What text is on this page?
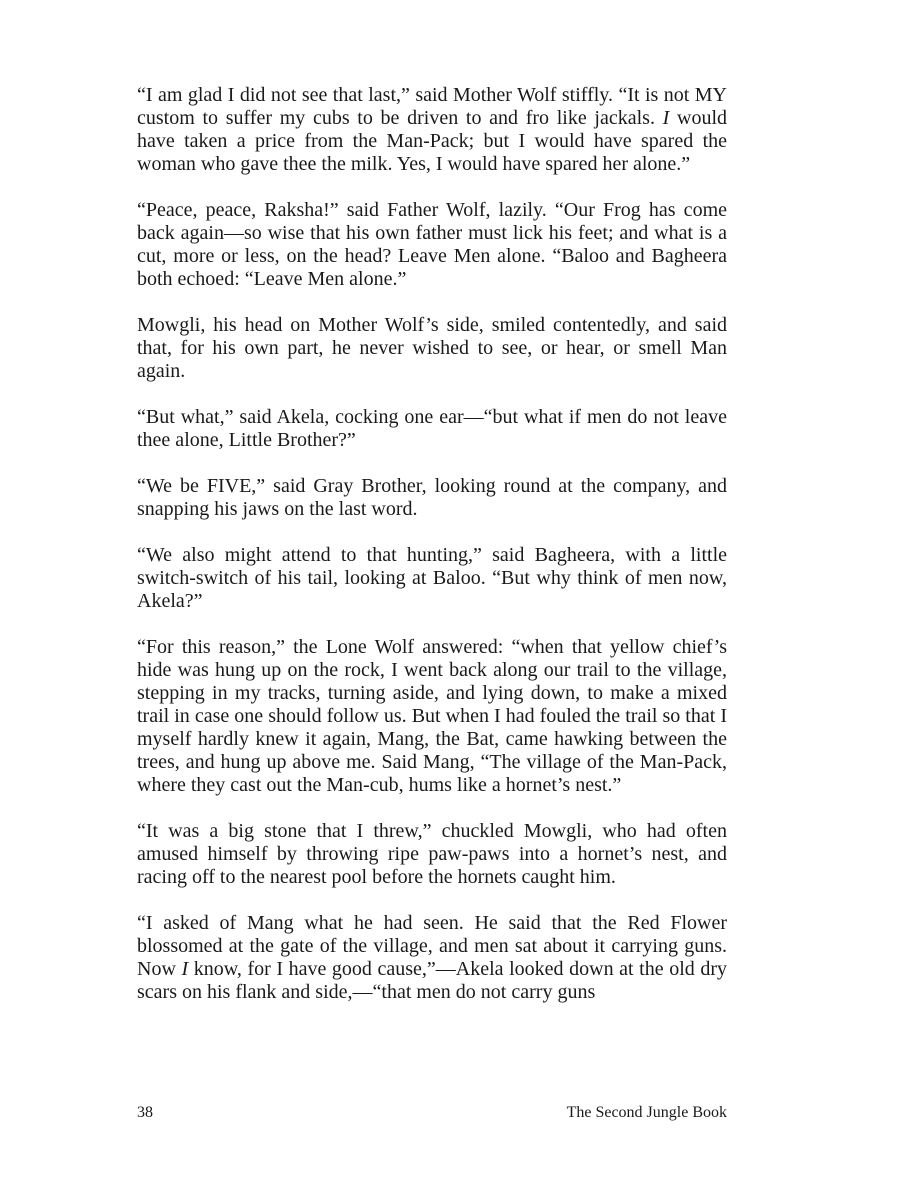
“I am glad I did not see that last,” said Mother Wolf stiffly. “It is not MY custom to suffer my cubs to be driven to and fro like jackals. I would have taken a price from the Man-Pack; but I would have spared the woman who gave thee the milk. Yes, I would have spared her alone.”

“Peace, peace, Raksha!” said Father Wolf, lazily. “Our Frog has come back again—so wise that his own father must lick his feet; and what is a cut, more or less, on the head? Leave Men alone. “Baloo and Bagheera both echoed: “Leave Men alone.”

Mowgli, his head on Mother Wolf’s side, smiled contentedly, and said that, for his own part, he never wished to see, or hear, or smell Man again.

“But what,” said Akela, cocking one ear—“but what if men do not leave thee alone, Little Brother?”

“We be FIVE,” said Gray Brother, looking round at the company, and snapping his jaws on the last word.

“We also might attend to that hunting,” said Bagheera, with a little switch-switch of his tail, looking at Baloo. “But why think of men now, Akela?”

“For this reason,” the Lone Wolf answered: “when that yellow chief’s hide was hung up on the rock, I went back along our trail to the village, stepping in my tracks, turning aside, and lying down, to make a mixed trail in case one should follow us. But when I had fouled the trail so that I myself hardly knew it again, Mang, the Bat, came hawking between the trees, and hung up above me. Said Mang, “The village of the Man-Pack, where they cast out the Man-cub, hums like a hornet’s nest.”

“It was a big stone that I threw,” chuckled Mowgli, who had often amused himself by throwing ripe paw-paws into a hornet’s nest, and racing off to the nearest pool before the hornets caught him.

“I asked of Mang what he had seen. He said that the Red Flower blossomed at the gate of the village, and men sat about it carrying guns. Now I know, for I have good cause,”—Akela looked down at the old dry scars on his flank and side,—“that men do not carry guns

38	The Second Jungle Book
